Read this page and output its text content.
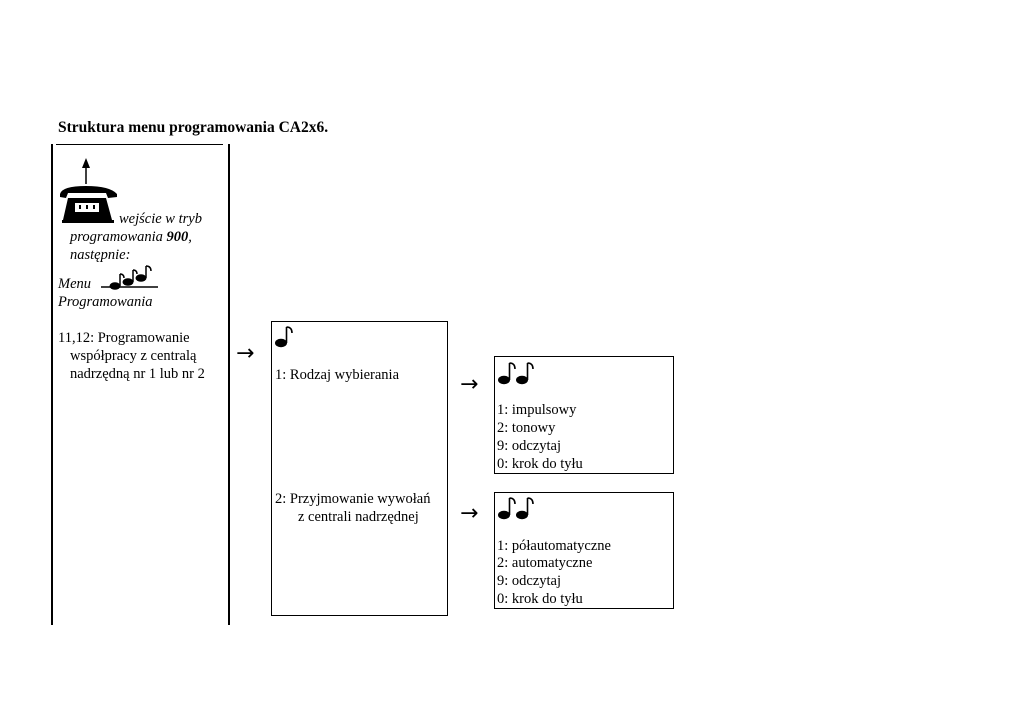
Struktura menu programowania CA2x6.
wejście w tryb
programowania 900,
następnie:
Menu
Programowania
11,12: Programowanie
współpracy z centralą
nadrzędną nr 1 lub nr 2
→
1: Rodzaj wybierania
2: Przyjmowanie wywołań
z centrali nadrzędnej
→
1: impulsowy
2: tonowy
9: odczytaj
0: krok do tyłu
→
1: półautomatyczne
2: automatyczne
9: odczytaj
0: krok do tyłu
